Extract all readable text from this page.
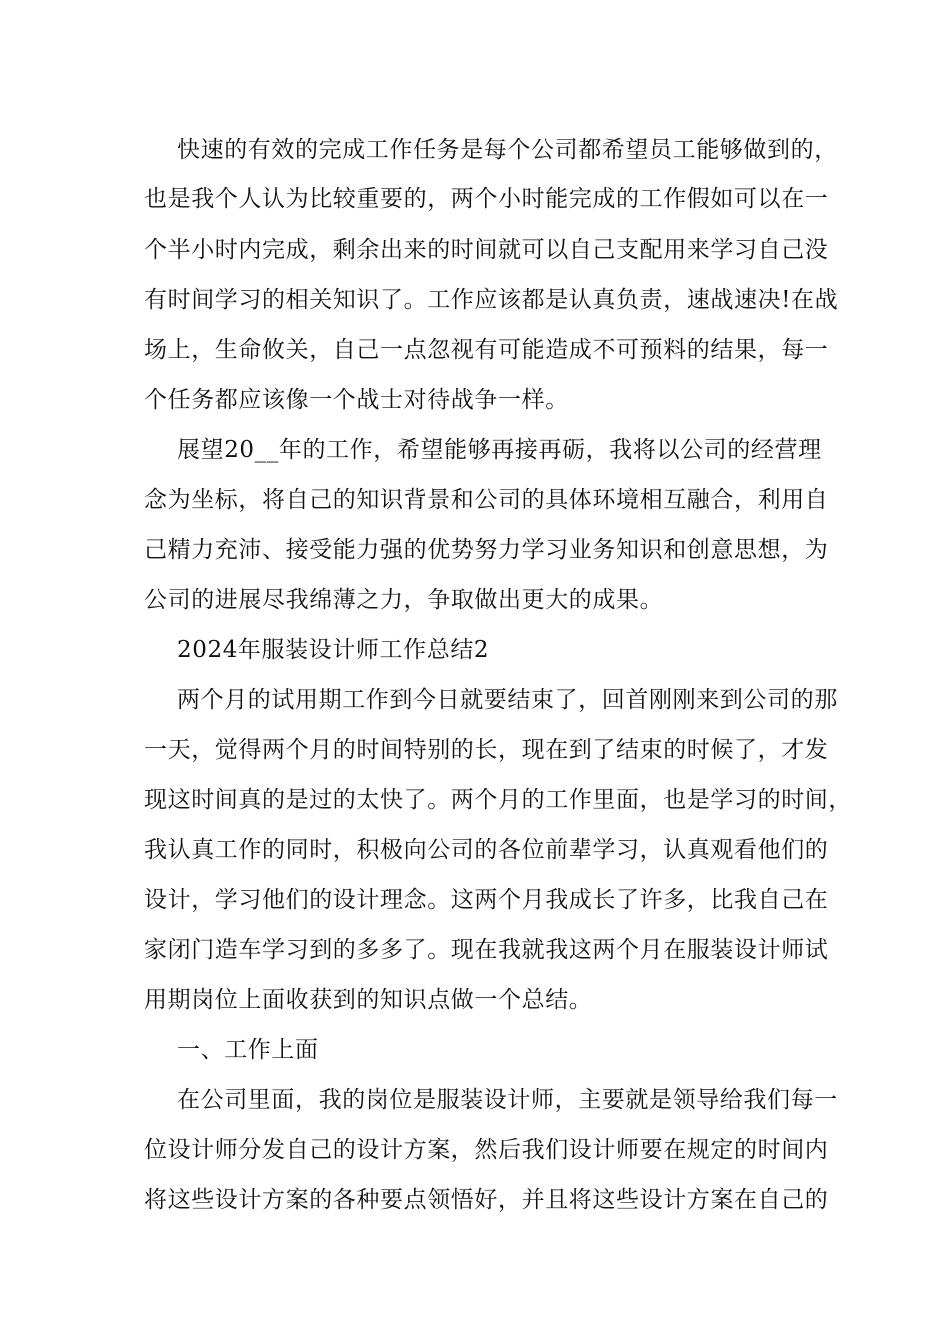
快速的有效的完成工作任务是每个公司都希望员工能够做到的，
也是我个人认为比较重要的，两个小时能完成的工作假如可以在一
个半小时内完成，剩余出来的时间就可以自己支配用来学习自己没
有时间学习的相关知识了。工作应该都是认真负责，速战速决!在战
场上，生命攸关，自己一点忽视有可能造成不可预料的结果，每一
个任务都应该像一个战士对待战争一样。
展望20__年的工作，希望能够再接再砺，我将以公司的经营理
念为坐标，将自己的知识背景和公司的具体环境相互融合，利用自
己精力充沛、接受能力强的优势努力学习业务知识和创意思想，为
公司的进展尽我绵薄之力，争取做出更大的成果。
2024年服装设计师工作总结2
两个月的试用期工作到今日就要结束了，回首刚刚来到公司的那
一天，觉得两个月的时间特别的长，现在到了结束的时候了，才发
现这时间真的是过的太快了。两个月的工作里面，也是学习的时间，
我认真工作的同时，积极向公司的各位前辈学习，认真观看他们的
设计，学习他们的设计理念。这两个月我成长了许多，比我自己在
家闭门造车学习到的多多了。现在我就我这两个月在服装设计师试
用期岗位上面收获到的知识点做一个总结。
一、工作上面
在公司里面，我的岗位是服装设计师，主要就是领导给我们每一
位设计师分发自己的设计方案，然后我们设计师要在规定的时间内
将这些设计方案的各种要点领悟好，并且将这些设计方案在自己的
